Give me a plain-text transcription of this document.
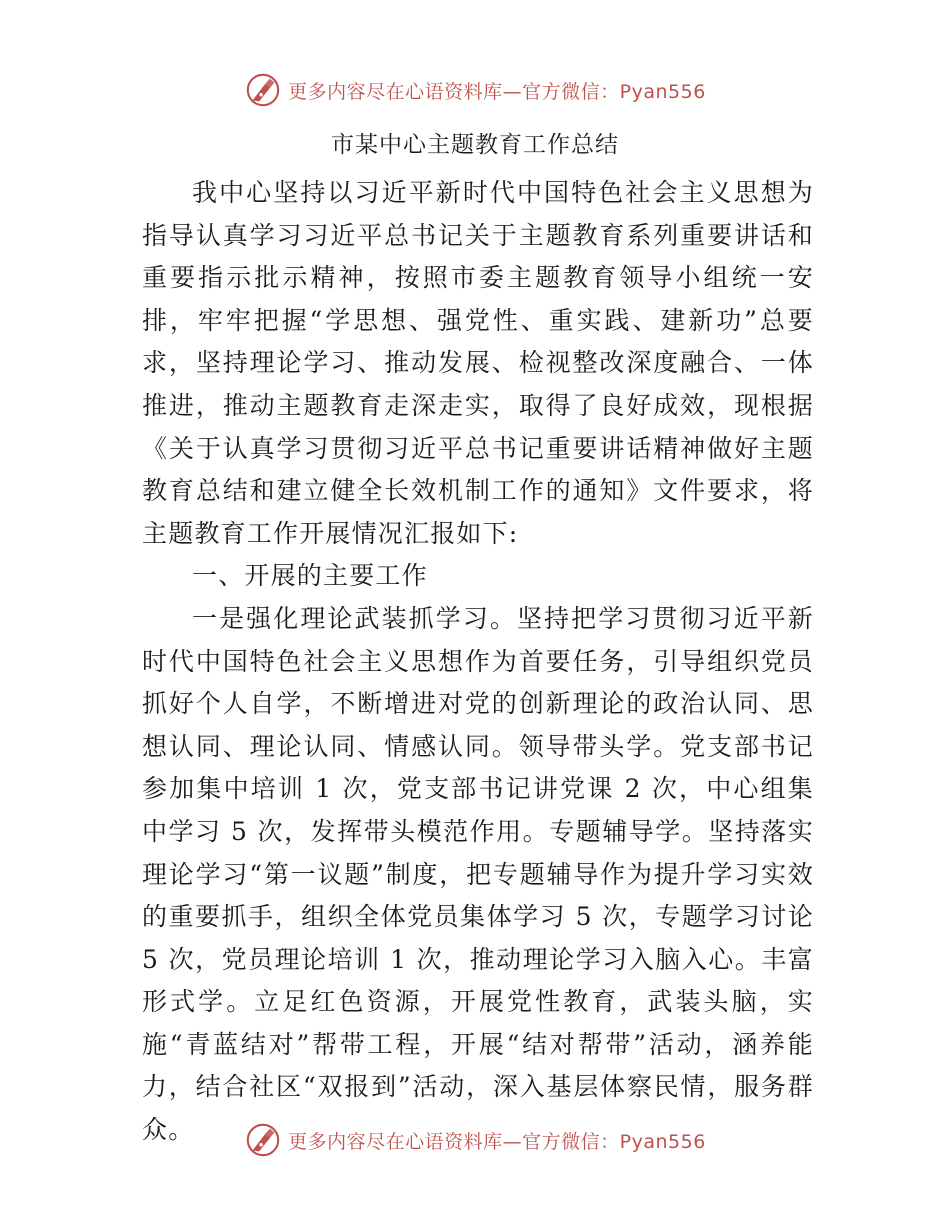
更多内容尽在心语资料库—官方微信：Pyan556
市某中心主题教育工作总结

我中心坚持以习近平新时代中国特色社会主义思想为指导认真学习习近平总书记关于主题教育系列重要讲话和重要指示批示精神，按照市委主题教育领导小组统一安排，牢牢把握“学思想、强党性、重实践、建新功”总要求，坚持理论学习、推动发展、检视整改深度融合、一体推进，推动主题教育走深走实，取得了良好成效，现根据《关于认真学习贯彻习近平总书记重要讲话精神做好主题教育总结和建立健全长效机制工作的通知》文件要求，将主题教育工作开展情况汇报如下:

一、开展的主要工作

一是强化理论武装抓学习。坚持把学习贯彻习近平新时代中国特色社会主义思想作为首要任务，引导组织党员抓好个人自学，不断增进对党的创新理论的政治认同、思想认同、理论认同、情感认同。领导带头学。党支部书记参加集中培训 1 次，党支部书记讲党课 2 次，中心组集中学习 5 次，发挥带头模范作用。专题辅导学。坚持落实理论学习“第一议题”制度，把专题辅导作为提升学习实效的重要抓手，组织全体党员集体学习 5 次，专题学习讨论 5 次，党员理论培训 1 次，推动理论学习入脑入心。丰富形式学。立足红色资源，开展党性教育，武装头脑，实施“青蓝结对”帮带工程，开展“结对帮带”活动，涵养能力，结合社区“双报到”活动，深入基层体察民情，服务群众。	更多内容尽在心语资料库—官方微信：Pyan556
